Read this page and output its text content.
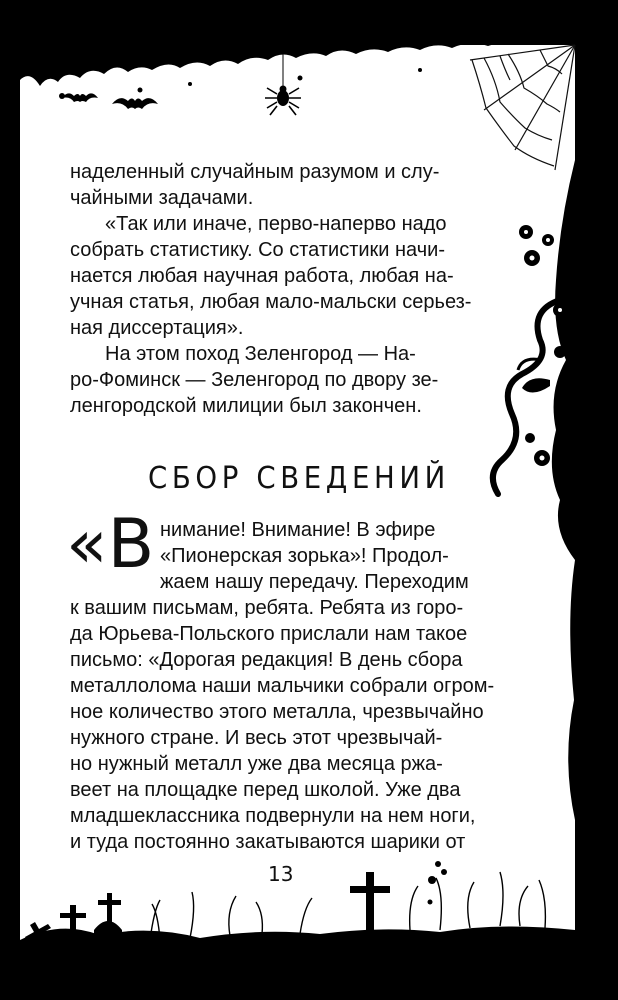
наделенный случайным разумом и слу-
чайными задачами.
«Так или иначе, перво-наперво надо
собрать статистику. Со статистики начи-
нается любая научная работа, любая на-
учная статья, любая мало-мальски серьез-
ная диссертация».
На этом поход Зеленгород — На-
ро-Фоминск — Зеленгород по двору зе-
ленгородской милиции был закончен.
СБОР СВЕДЕНИЙ
«В нимание! Внимание! В эфире
«Пионерская зорька»! Продол-
жаем нашу передачу. Переходим
к вашим письмам, ребята. Ребята из горо-
да Юрьева-Польского прислали нам такое
письмо: «Дорогая редакция! В день сбора
металлолома наши мальчики собрали огром-
ное количество этого металла, чрезвычайно
нужного стране. И весь этот чрезвычай-
но нужный металл уже два месяца ржа-
веет на площадке перед школой. Уже два
младшеклассника подвернули на нем ноги,
и туда постоянно закатываются шарики от
13
